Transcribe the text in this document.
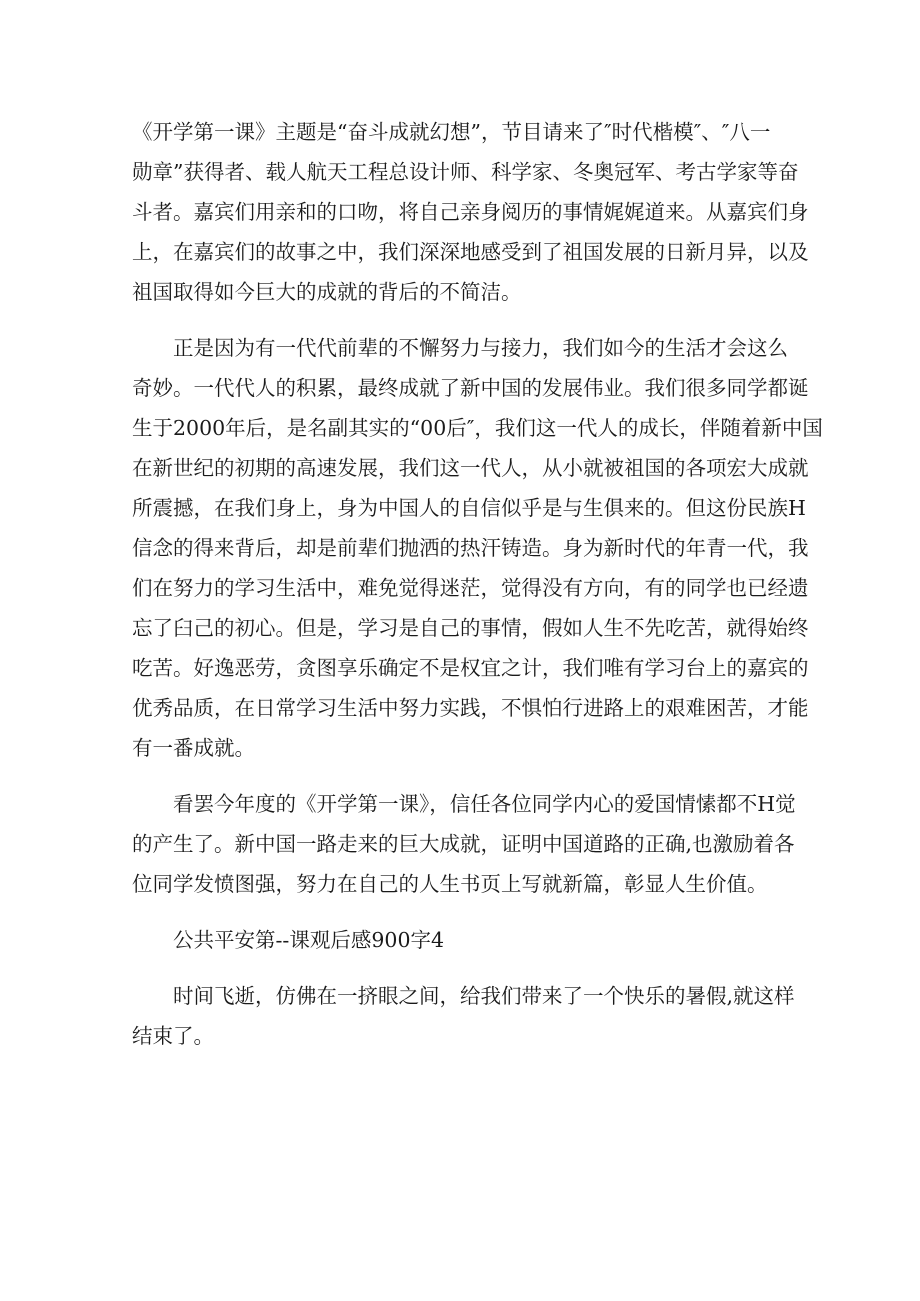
《开学第一课》主题是“奋斗成就幻想”，节目请来了″时代楷模″、″八一
勋章”获得者、载人航天工程总设计师、科学家、冬奥冠军、考古学家等奋
斗者。嘉宾们用亲和的口吻，将自己亲身阅历的事情娓娓道来。从嘉宾们身
上，在嘉宾们的故事之中，我们深深地感受到了祖国发展的日新月异，以及
祖国取得如今巨大的成就的背后的不简洁。
正是因为有一代代前辈的不懈努力与接力，我们如今的生活才会这么
奇妙。一代代人的积累，最终成就了新中国的发展伟业。我们很多同学都诞
生于2000年后，是名副其实的“00后″，我们这一代人的成长，伴随着新中国
在新世纪的初期的高速发展，我们这一代人，从小就被祖国的各项宏大成就
所震撼，在我们身上，身为中国人的自信似乎是与生俱来的。但这份民族H
信念的得来背后，却是前辈们抛洒的热汗铸造。身为新时代的年青一代，我
们在努力的学习生活中，难免觉得迷茫，觉得没有方向，有的同学也已经遗
忘了臼己的初心。但是，学习是自己的事情，假如人生不先吃苦，就得始终
吃苦。好逸恶劳，贪图享乐确定不是权宜之计，我们唯有学习台上的嘉宾的
优秀品质，在日常学习生活中努力实践，不惧怕行进路上的艰难困苦，才能
有一番成就。
看罢今年度的《开学第一课》，信任各位同学内心的爱国情愫都不H觉
的产生了。新中国一路走来的巨大成就，证明中国道路的正确,也激励着各
位同学发愤图强，努力在自己的人生书页上写就新篇，彰显人生价值。
公共平安第--课观后感900字4
时间飞逝，仿佛在一挤眼之间，给我们带来了一个快乐的暑假,就这样
结束了。
